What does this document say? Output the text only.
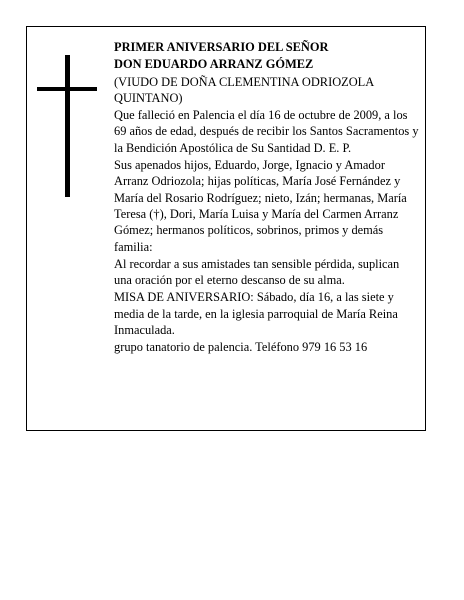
PRIMER ANIVERSARIO DEL SEÑOR

DON EDUARDO ARRANZ GÓMEZ

(VIUDO DE DOÑA CLEMENTINA ODRIOZOLA QUINTANO)

Que falleció en Palencia el día 16 de octubre de 2009, a los 69 años de edad, después de recibir los Santos Sacramentos y la Bendición Apostólica de Su Santidad D. E. P.

Sus apenados hijos, Eduardo, Jorge, Ignacio y Amador Arranz Odriozola; hijas políticas, María José Fernández y María del Rosario Rodríguez; nieto, Izán; hermanas, María Teresa (†), Dori, María Luisa y María del Carmen Arranz Gómez; hermanos políticos, sobrinos, primos y demás familia:

Al recordar a sus amistades tan sensible pérdida, suplican una oración por el eterno descanso de su alma.

MISA DE ANIVERSARIO: Sábado, día 16, a las siete y media de la tarde, en la iglesia parroquial de María Reina Inmaculada.

grupo tanatorio de palencia. Teléfono 979 16 53 16
